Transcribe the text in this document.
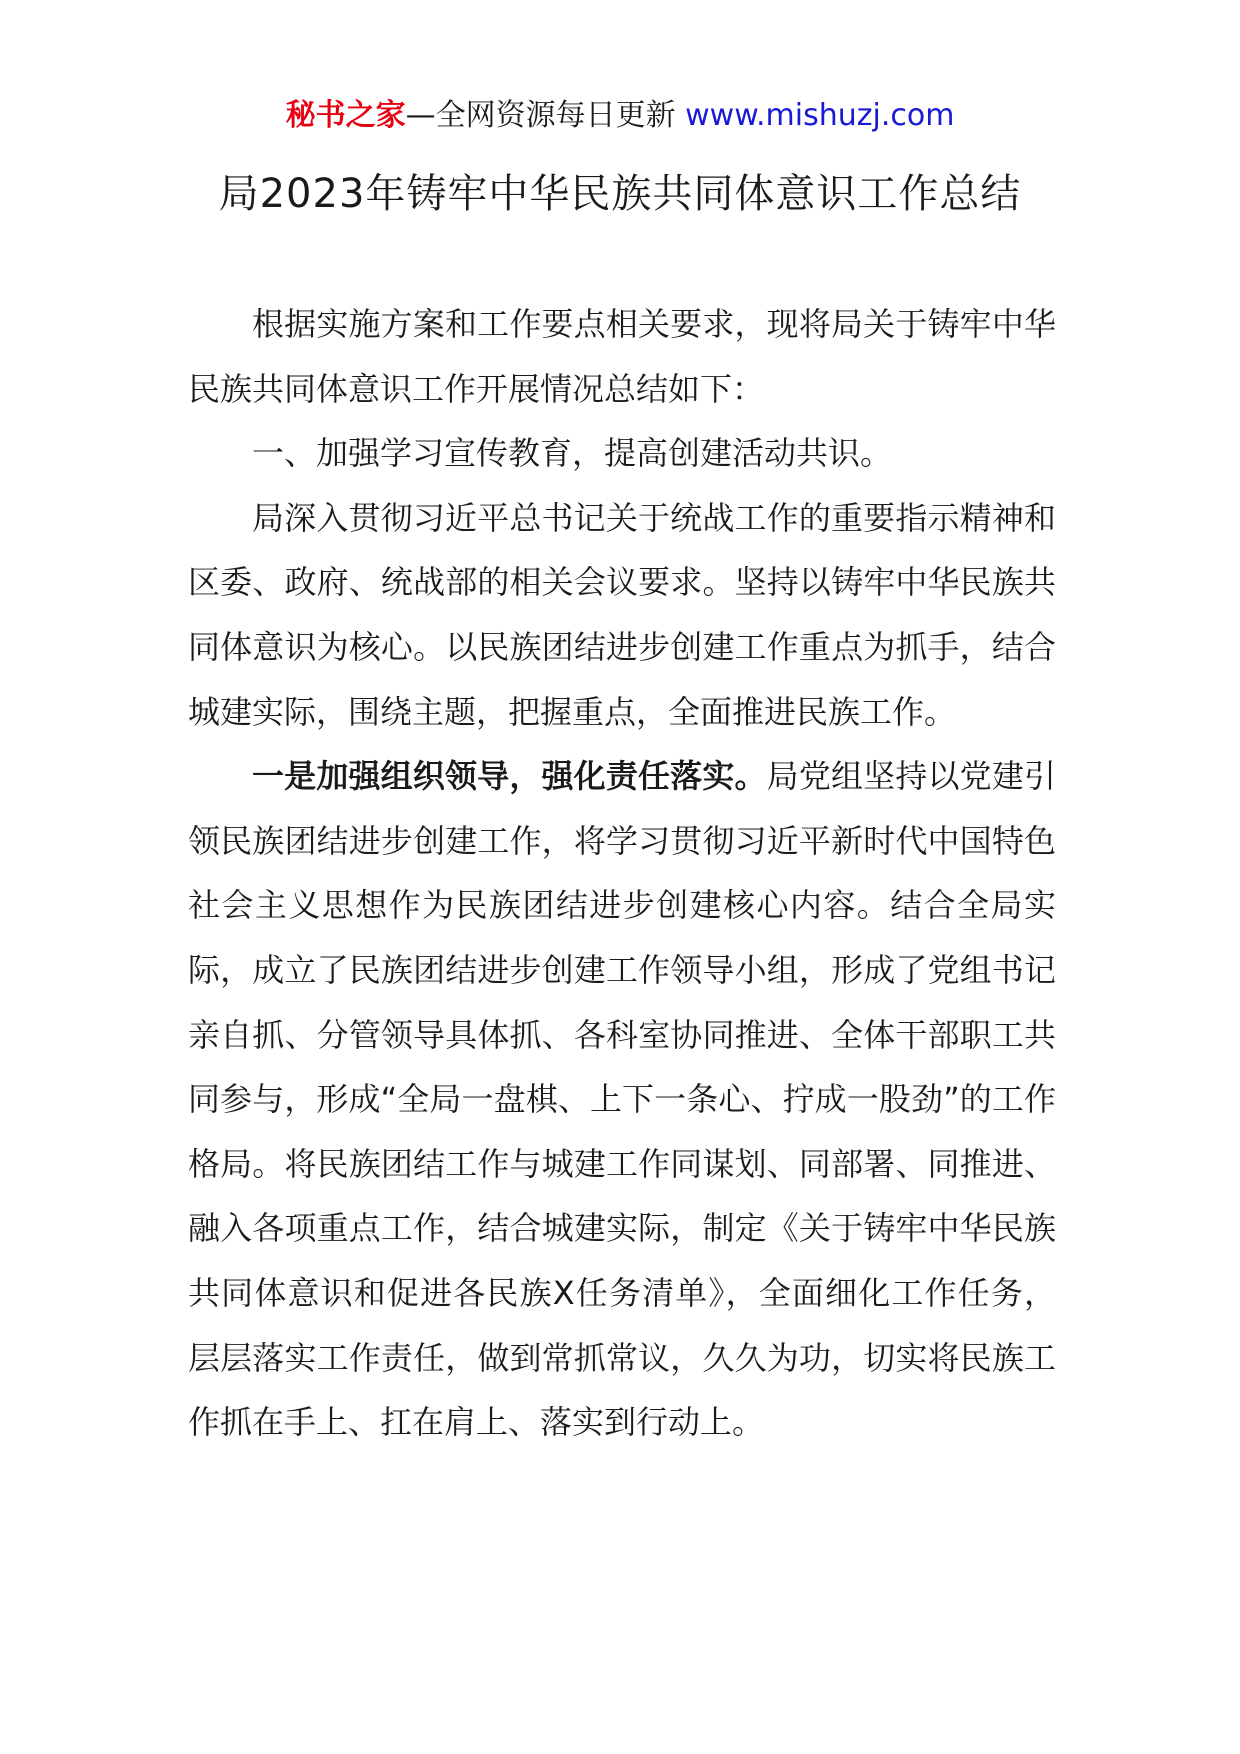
秘书之家—全网资源每日更新 www.mishuzj.com
局2023年铸牢中华民族共同体意识工作总结

根据实施方案和工作要点相关要求，现将局关于铸牢中华民族共同体意识工作开展情况总结如下：

一、加强学习宣传教育，提高创建活动共识。

局深入贯彻习近平总书记关于统战工作的重要指示精神和区委、政府、统战部的相关会议要求。坚持以铸牢中华民族共同体意识为核心。以民族团结进步创建工作重点为抓手，结合城建实际，围绕主题，把握重点，全面推进民族工作。

一是加强组织领导，强化责任落实。局党组坚持以党建引领民族团结进步创建工作，将学习贯彻习近平新时代中国特色社会主义思想作为民族团结进步创建核心内容。结合全局实际，成立了民族团结进步创建工作领导小组，形成了党组书记亲自抓、分管领导具体抓、各科室协同推进、全体干部职工共同参与，形成“全局一盘棋、上下一条心、拧成一股劲”的工作格局。将民族团结工作与城建工作同谋划、同部署、同推进、融入各项重点工作，结合城建实际，制定《关于铸牢中华民族共同体意识和促进各民族X任务清单》，全面细化工作任务，层层落实工作责任，做到常抓常议，久久为功，切实将民族工作抓在手上、扛在肩上、落实到行动上。
